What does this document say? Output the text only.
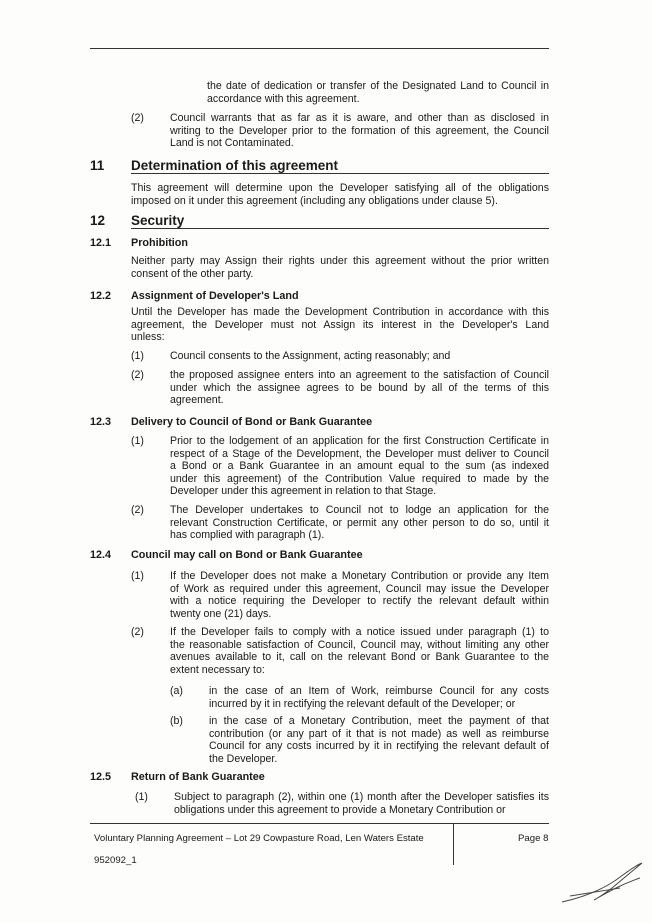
the date of dedication or transfer of the Designated Land to Council in
accordance with this agreement.
(2) Council warrants that as far as it is aware, and other than as disclosed in
writing to the Developer prior to the formation of this agreement, the Council
Land is not Contaminated.
11 Determination of this agreement
This agreement will determine upon the Developer satisfying all of the obligations
imposed on it under this agreement (including any obligations under clause 5).
12 Security
12.1 Prohibition
Neither party may Assign their rights under this agreement without the prior written
consent of the other party.
12.2 Assignment of Developer's Land
Until the Developer has made the Development Contribution in accordance with this
agreement, the Developer must not Assign its interest in the Developer's Land
unless:
(1) Council consents to the Assignment, acting reasonably; and
(2) the proposed assignee enters into an agreement to the satisfaction of Council
under which the assignee agrees to be bound by all of the terms of this
agreement.
12.3 Delivery to Council of Bond or Bank Guarantee
(1) Prior to the lodgement of an application for the first Construction Certificate in
respect of a Stage of the Development, the Developer must deliver to Council
a Bond or a Bank Guarantee in an amount equal to the sum (as indexed
under this agreement) of the Contribution Value required to made by the
Developer under this agreement in relation to that Stage.
(2) The Developer undertakes to Council not to lodge an application for the
relevant Construction Certificate, or permit any other person to do so, until it
has complied with paragraph (1).
12.4 Council may call on Bond or Bank Guarantee
(1) If the Developer does not make a Monetary Contribution or provide any Item
of Work as required under this agreement, Council may issue the Developer
with a notice requiring the Developer to rectify the relevant default within
twenty one (21) days.
(2) If the Developer fails to comply with a notice issued under paragraph (1) to
the reasonable satisfaction of Council, Council may, without limiting any other
avenues available to it, call on the relevant Bond or Bank Guarantee to the
extent necessary to:
(a) in the case of an Item of Work, reimburse Council for any costs
incurred by it in rectifying the relevant default of the Developer; or
(b) in the case of a Monetary Contribution, meet the payment of that
contribution (or any part of it that is not made) as well as reimburse
Council for any costs incurred by it in rectifying the relevant default of
the Developer.
12.5 Return of Bank Guarantee
(1) Subject to paragraph (2), within one (1) month after the Developer satisfies its
obligations under this agreement to provide a Monetary Contribution or
Voluntary Planning Agreement – Lot 29 Cowpasture Road, Len Waters Estate	Page 8
952092_1
